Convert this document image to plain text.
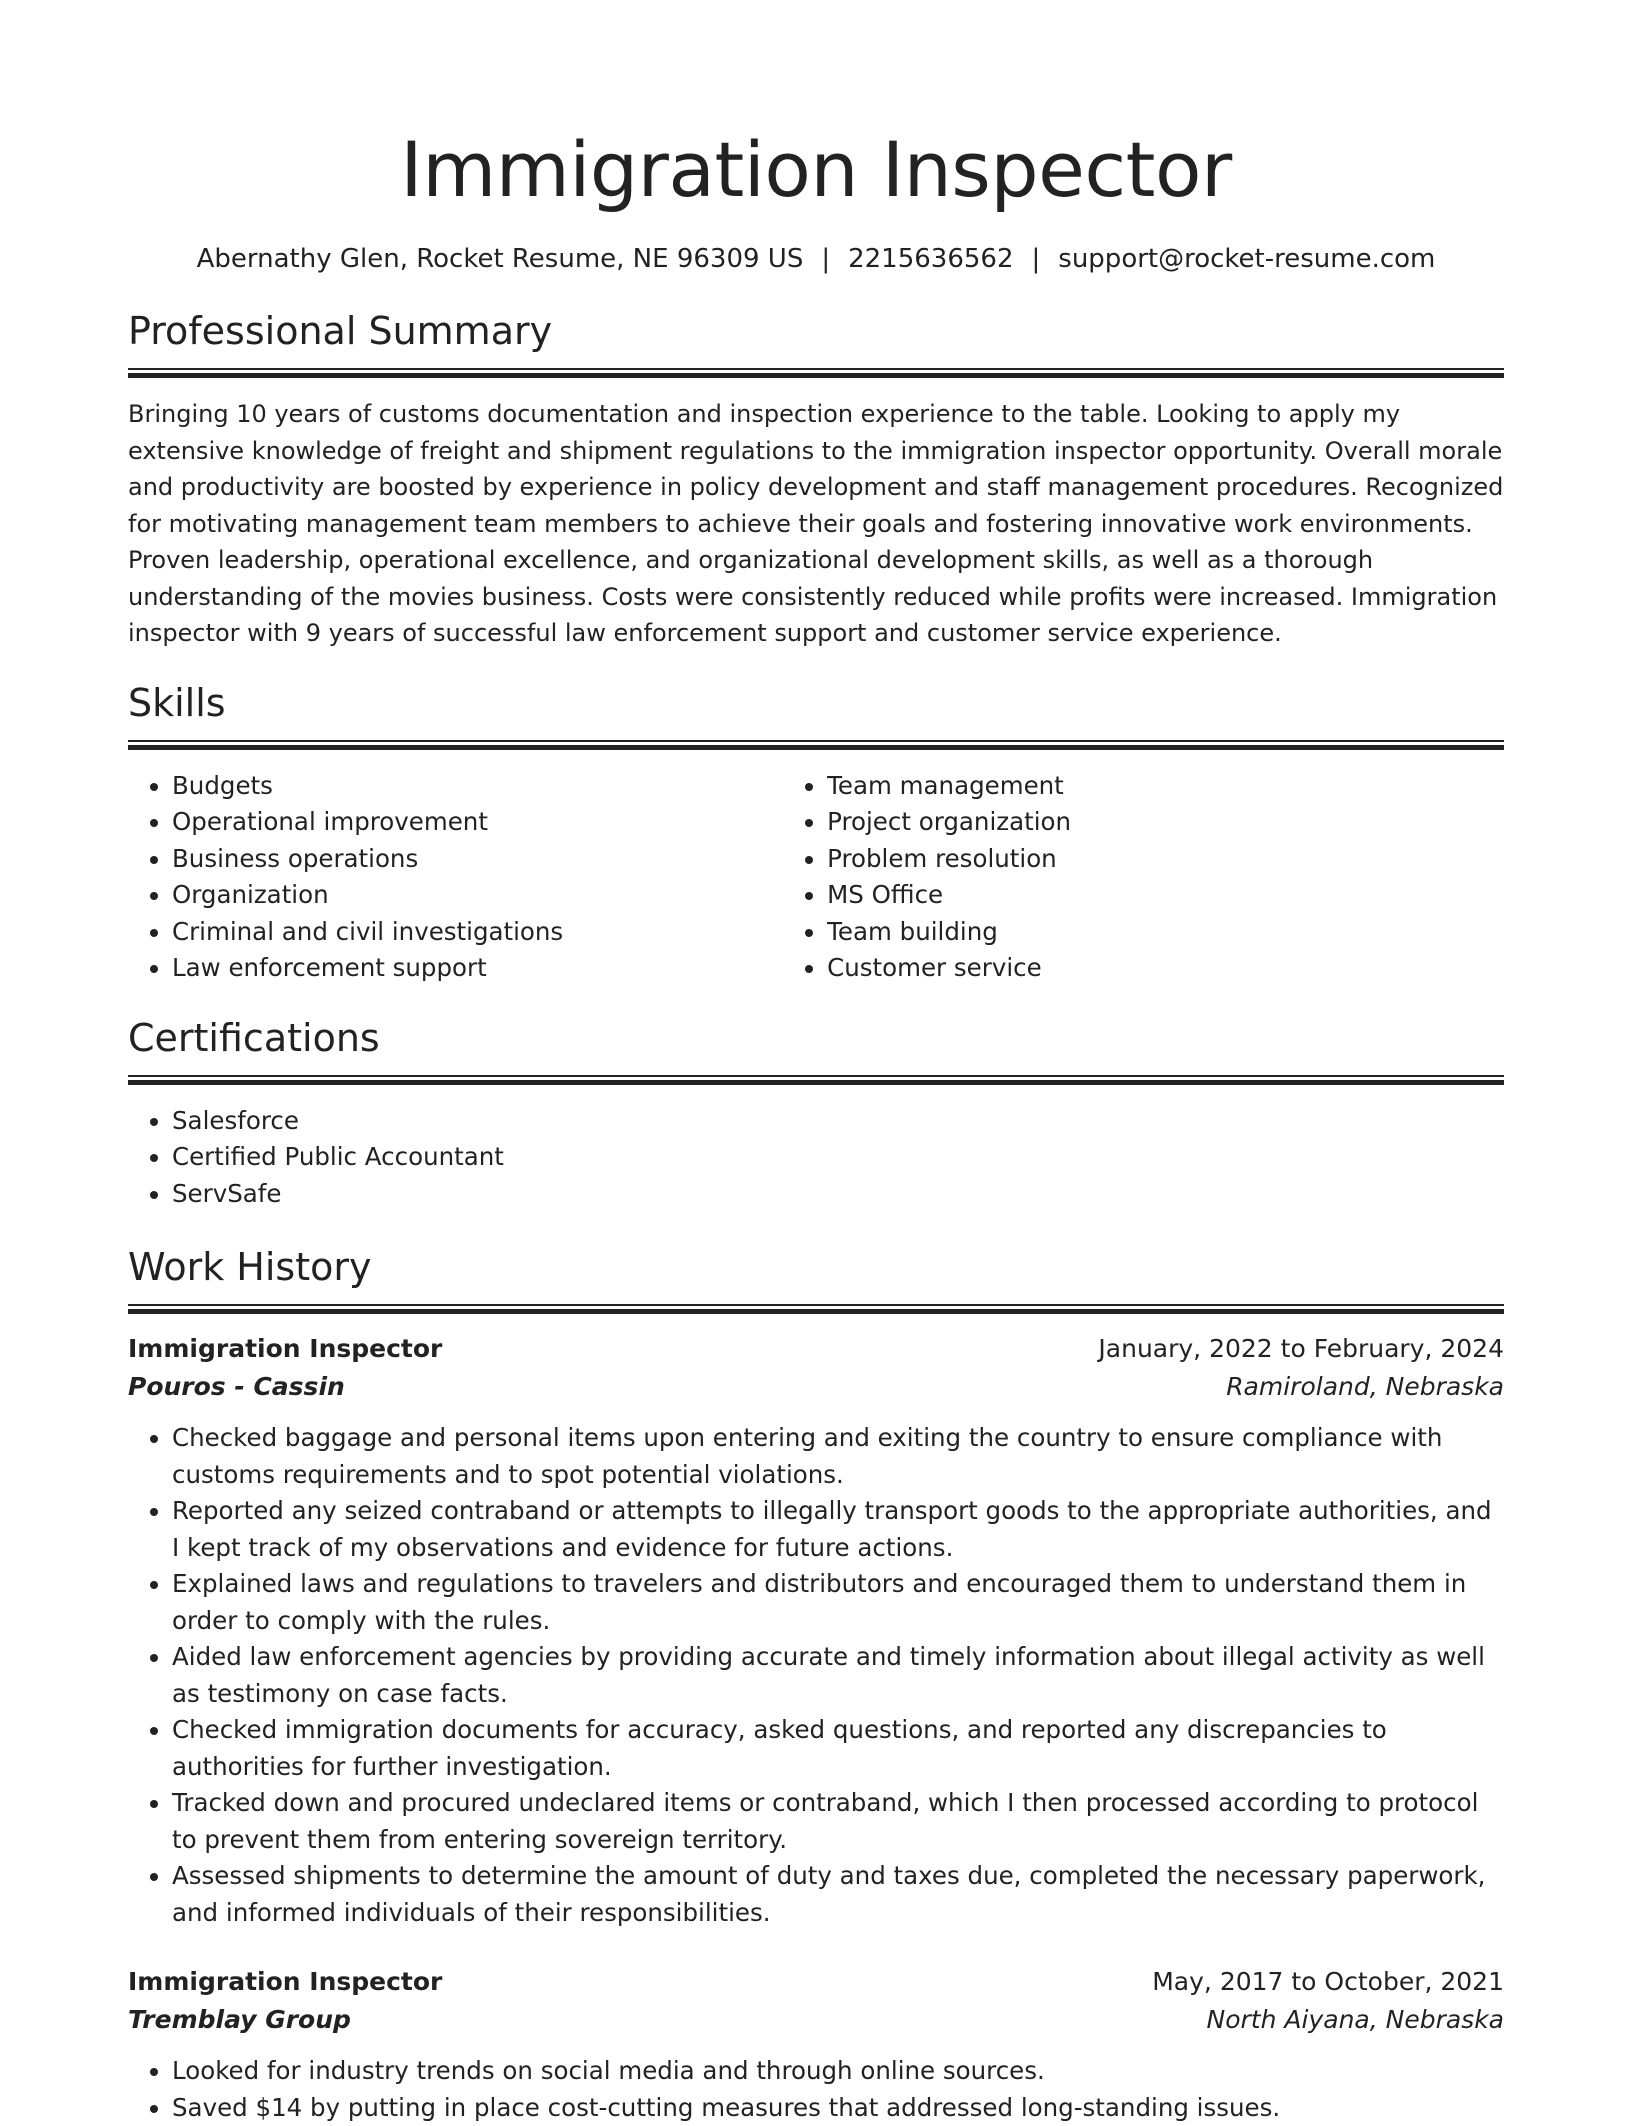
Immigration Inspector
Abernathy Glen, Rocket Resume, NE 96309 US | 2215636562 | support@rocket-resume.com
Professional Summary

Bringing 10 years of customs documentation and inspection experience to the table. Looking to apply my extensive knowledge of freight and shipment regulations to the immigration inspector opportunity. Overall morale and productivity are boosted by experience in policy development and staff management procedures. Recognized for motivating management team members to achieve their goals and fostering innovative work environments. Proven leadership, operational excellence, and organizational development skills, as well as a thorough understanding of the movies business. Costs were consistently reduced while profits were increased. Immigration inspector with 9 years of successful law enforcement support and customer service experience.

Skills
• Budgets
• Operational improvement
• Business operations
• Organization
• Criminal and civil investigations
• Law enforcement support
• Team management
• Project organization
• Problem resolution
• MS Office
• Team building
• Customer service
Certifications
• Salesforce
• Certified Public Accountant
• ServSafe
Work History
Immigration Inspector	January, 2022 to February, 2024
Pouros - Cassin	Ramiroland, Nebraska
• Checked baggage and personal items upon entering and exiting the country to ensure compliance with customs requirements and to spot potential violations.
• Reported any seized contraband or attempts to illegally transport goods to the appropriate authorities, and I kept track of my observations and evidence for future actions.
• Explained laws and regulations to travelers and distributors and encouraged them to understand them in order to comply with the rules.
• Aided law enforcement agencies by providing accurate and timely information about illegal activity as well as testimony on case facts.
• Checked immigration documents for accuracy, asked questions, and reported any discrepancies to authorities for further investigation.
• Tracked down and procured undeclared items or contraband, which I then processed according to protocol to prevent them from entering sovereign territory.
• Assessed shipments to determine the amount of duty and taxes due, completed the necessary paperwork, and informed individuals of their responsibilities.
Immigration Inspector	May, 2017 to October, 2021
Tremblay Group	North Aiyana, Nebraska
• Looked for industry trends on social media and through online sources.
• Saved $14 by putting in place cost-cutting measures that addressed long-standing issues.
